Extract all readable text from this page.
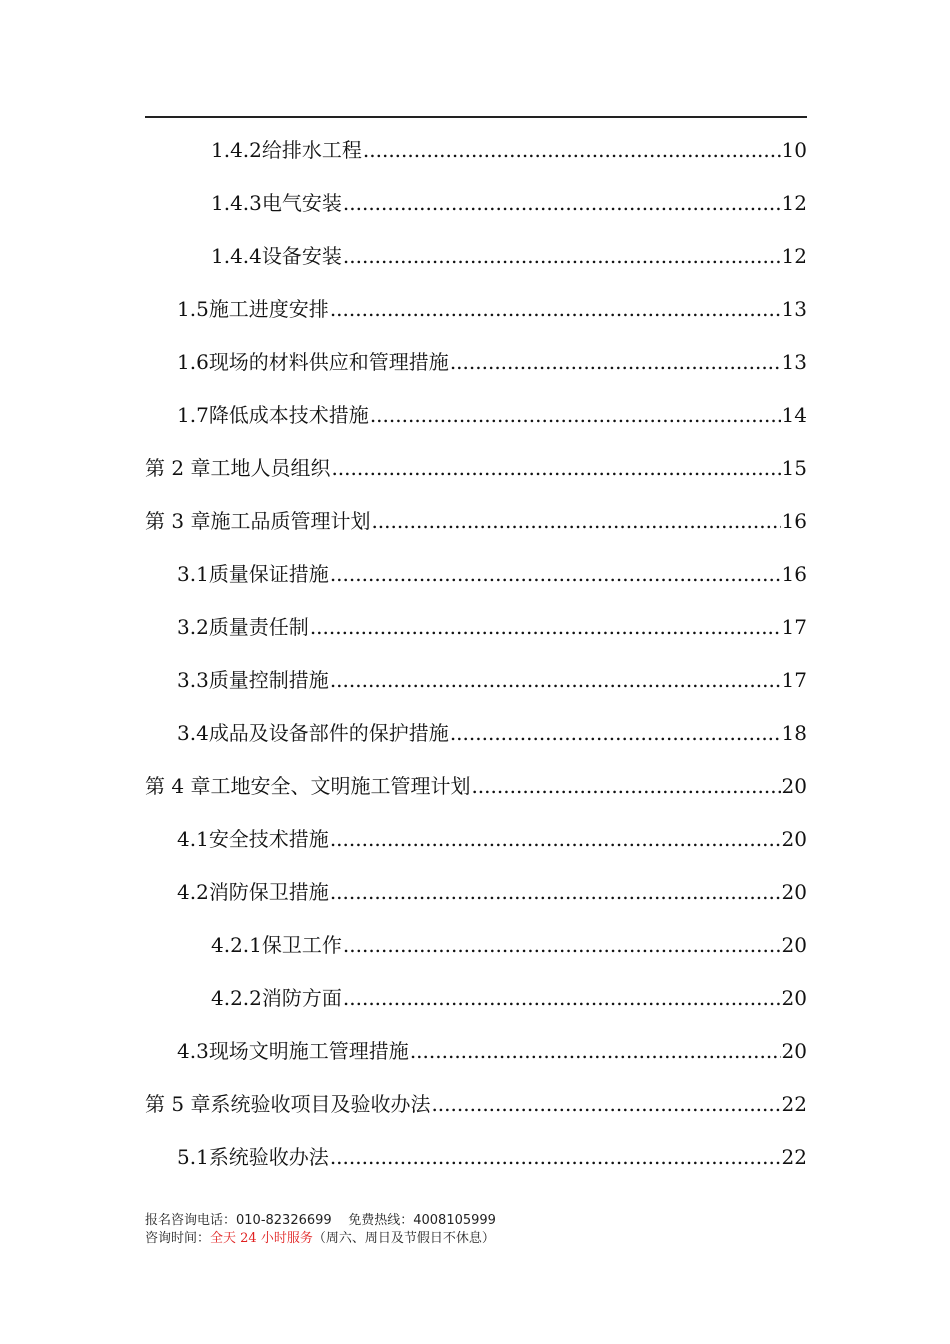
1.4.2 给排水工程 .....	10
1.4.3 电气安装 .....	12
1.4.4 设备安装 .....	12
1.5 施工进度安排 .....	13
1.6 现场的材料供应和管理措施 .....	13
1.7 降低成本技术措施 .....	14
第 2 章 工地人员组织 .....	15
第 3 章 施工品质管理计划 .....	16
3.1 质量保证措施 .....	16
3.2 质量责任制 .....	17
3.3 质量控制措施 .....	17
3.4 成品及设备部件的保护措施 .....	18
第 4 章 工地安全、文明施工管理计划 .....	20
4.1 安全技术措施 .....	20
4.2 消防保卫措施 .....	20
4.2.1 保卫工作 .....	20
4.2.2 消防方面 .....	20
4.3 现场文明施工管理措施 .....	20
第 5 章 系统验收项目及验收办法 .....	22
5.1 系统验收办法 .....	22
报名咨询电话：010-82326699 免费热线：4008105999
咨询时间：全天 24 小时服务（周六、周日及节假日不休息）
